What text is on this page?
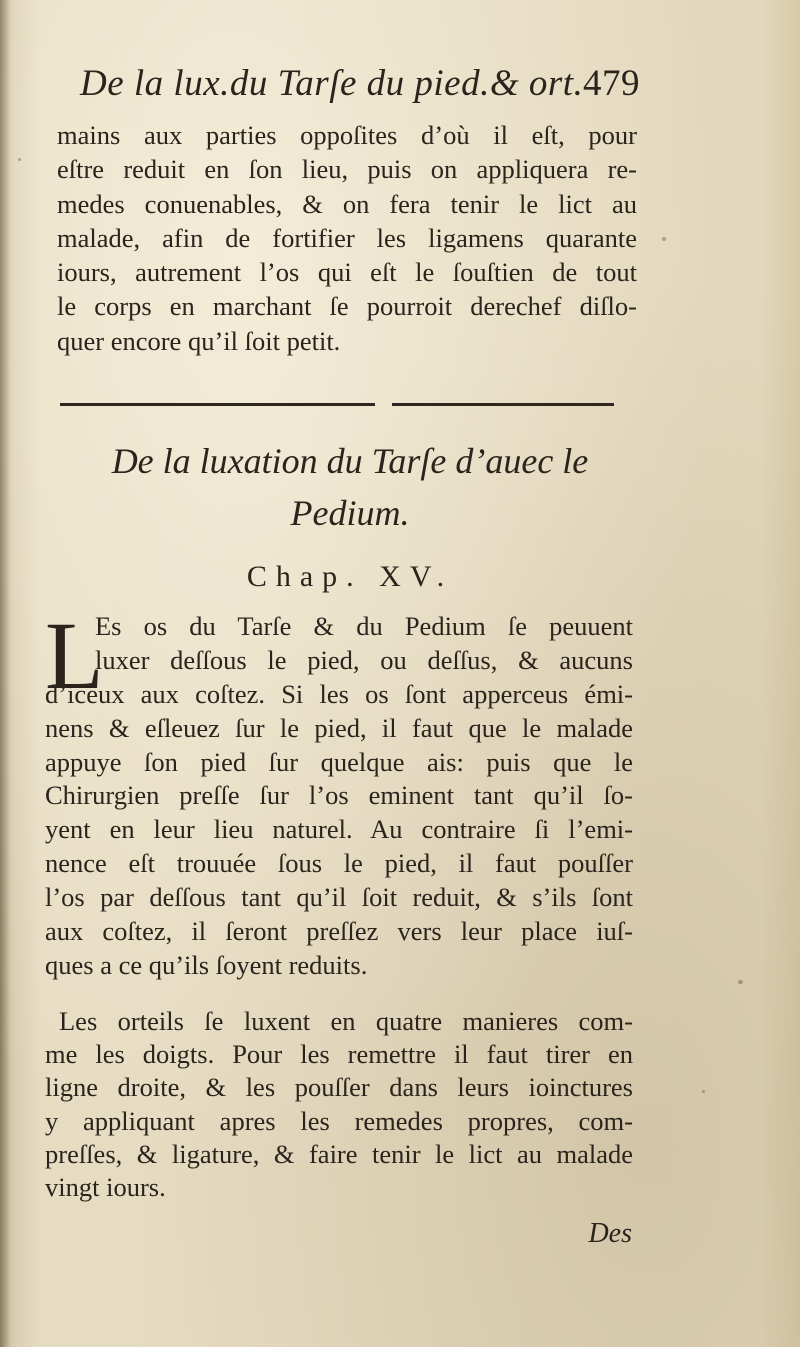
De la lux.du Tarſe du pied.& ort. 479
mains aux parties oppoſites d’où il eſt, pour
eſtre reduit en ſon lieu, puis on appliquera re-
medes conuenables, & on fera tenir le lict au
malade, afin de fortifier les ligamens quarante
iours, autrement l’os qui eſt le ſouſtien de tout
le corps en marchant ſe pourroit derechef diſlo-
quer encore qu’il ſoit petit.
De la luxation du Tarſe d’auec le
Pedium.
Chap. XV.
L
Es os du Tarſe & du Pedium ſe peuuent
luxer deſſous le pied, ou deſſus, & aucuns
d’iceux aux coſtez. Si les os ſont apperceus émi-
nens & eſleuez ſur le pied, il faut que le malade
appuye ſon pied ſur quelque ais: puis que le
Chirurgien preſſe ſur l’os eminent tant qu’il ſo-
yent en leur lieu naturel. Au contraire ſi l’emi-
nence eſt trouuée ſous le pied, il faut pouſſer
l’os par deſſous tant qu’il ſoit reduit, & s’ils ſont
aux coſtez, il ſeront preſſez vers leur place iuſ-
ques a ce qu’ils ſoyent reduits.
Les orteils ſe luxent en quatre manieres com-
me les doigts. Pour les remettre il faut tirer en
ligne droite, & les pouſſer dans leurs ioinctures
y appliquant apres les remedes propres, com-
preſſes, & ligature, & faire tenir le lict au malade
vingt iours.
Des
